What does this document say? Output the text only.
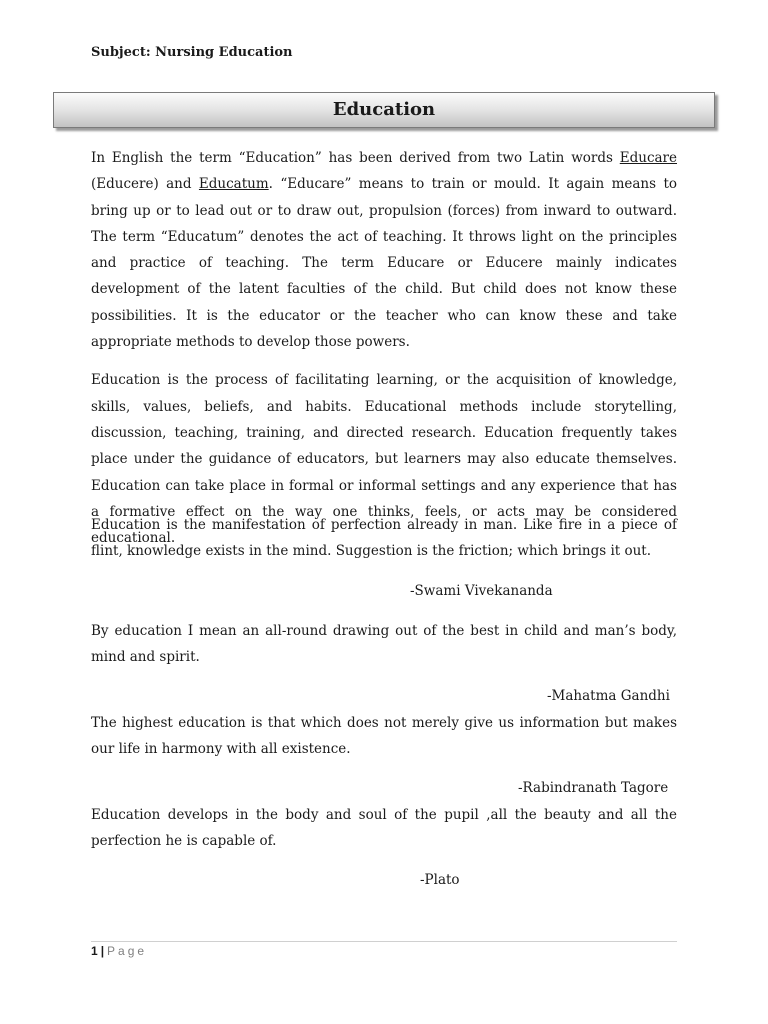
Subject: Nursing Education
Education

In English the term “Education” has been derived from two Latin words Educare (Educere) and Educatum. “Educare” means to train or mould. It again means to bring up or to lead out or to draw out, propulsion (forces) from inward to outward. The term “Educatum” denotes the act of teaching. It throws light on the principles and practice of teaching. The term Educare or Educere mainly indicates development of the latent faculties of the child. But child does not know these possibilities. It is the educator or the teacher who can know these and take appropriate methods to develop those powers.

Education is the process of facilitating learning, or the acquisition of knowledge, skills, values, beliefs, and habits. Educational methods include storytelling, discussion, teaching, training, and directed research. Education frequently takes place under the guidance of educators, but learners may also educate themselves. Education can take place in formal or informal settings and any experience that has a formative effect on the way one thinks, feels, or acts may be considered educational.

Education is the manifestation of perfection already in man. Like fire in a piece of flint, knowledge exists in the mind. Suggestion is the friction; which brings it out.

-Swami Vivekananda

By education I mean an all-round drawing out of the best in child and man’s body, mind and spirit.

-Mahatma Gandhi

The highest education is that which does not merely give us information but makes our life in harmony with all existence.

-Rabindranath Tagore

Education develops in the body and soul of the pupil ,all the beauty and all the perfection he is capable of.

-Plato
1 | Page
